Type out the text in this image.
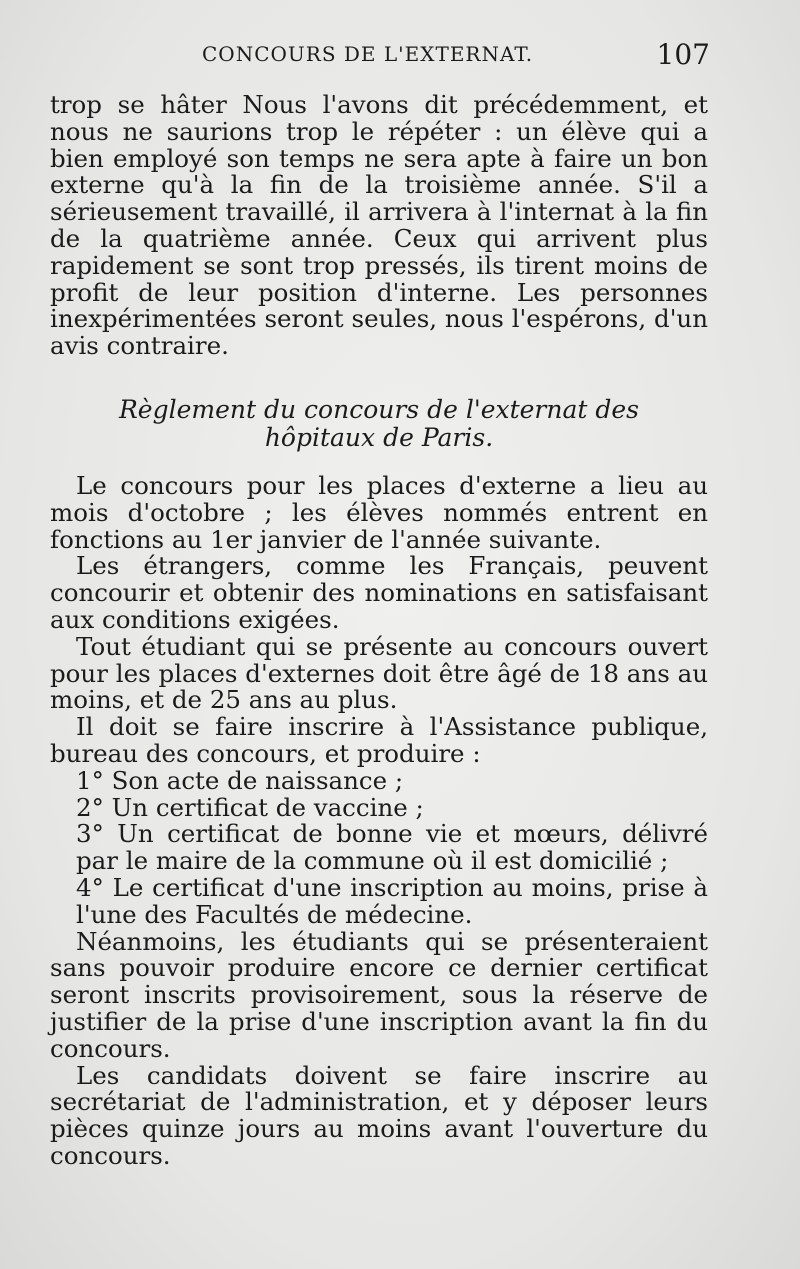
CONCOURS DE L'EXTERNAT.	107

trop se hâter Nous l'avons dit précédemment, et nous ne saurions trop le répéter : un élève qui a bien employé son temps ne sera apte à faire un bon externe qu'à la fin de la troisième année. S'il a sérieusement travaillé, il arrivera à l'internat à la fin de la quatrième année. Ceux qui arrivent plus rapidement se sont trop pressés, ils tirent moins de profit de leur position d'interne. Les personnes inexpérimentées seront seules, nous l'espérons, d'un avis contraire.

Règlement du concours de l'externat des
hôpitaux de Paris.

Le concours pour les places d'externe a lieu au mois d'octobre ; les élèves nommés entrent en fonctions au 1er janvier de l'année suivante.

Les étrangers, comme les Français, peuvent concourir et obtenir des nominations en satisfaisant aux conditions exigées.

Tout étudiant qui se présente au concours ouvert pour les places d'externes doit être âgé de 18 ans au moins, et de 25 ans au plus.

Il doit se faire inscrire à l'Assistance publique, bureau des concours, et produire :

1° Son acte de naissance ;

2° Un certificat de vaccine ;

3° Un certificat de bonne vie et mœurs, délivré par le maire de la commune où il est domicilié ;

4° Le certificat d'une inscription au moins, prise à l'une des Facultés de médecine.

Néanmoins, les étudiants qui se présenteraient sans pouvoir produire encore ce dernier certificat seront inscrits provisoirement, sous la réserve de justifier de la prise d'une inscription avant la fin du concours.

Les candidats doivent se faire inscrire au secrétariat de l'administration, et y déposer leurs pièces quinze jours au moins avant l'ouverture du concours.
